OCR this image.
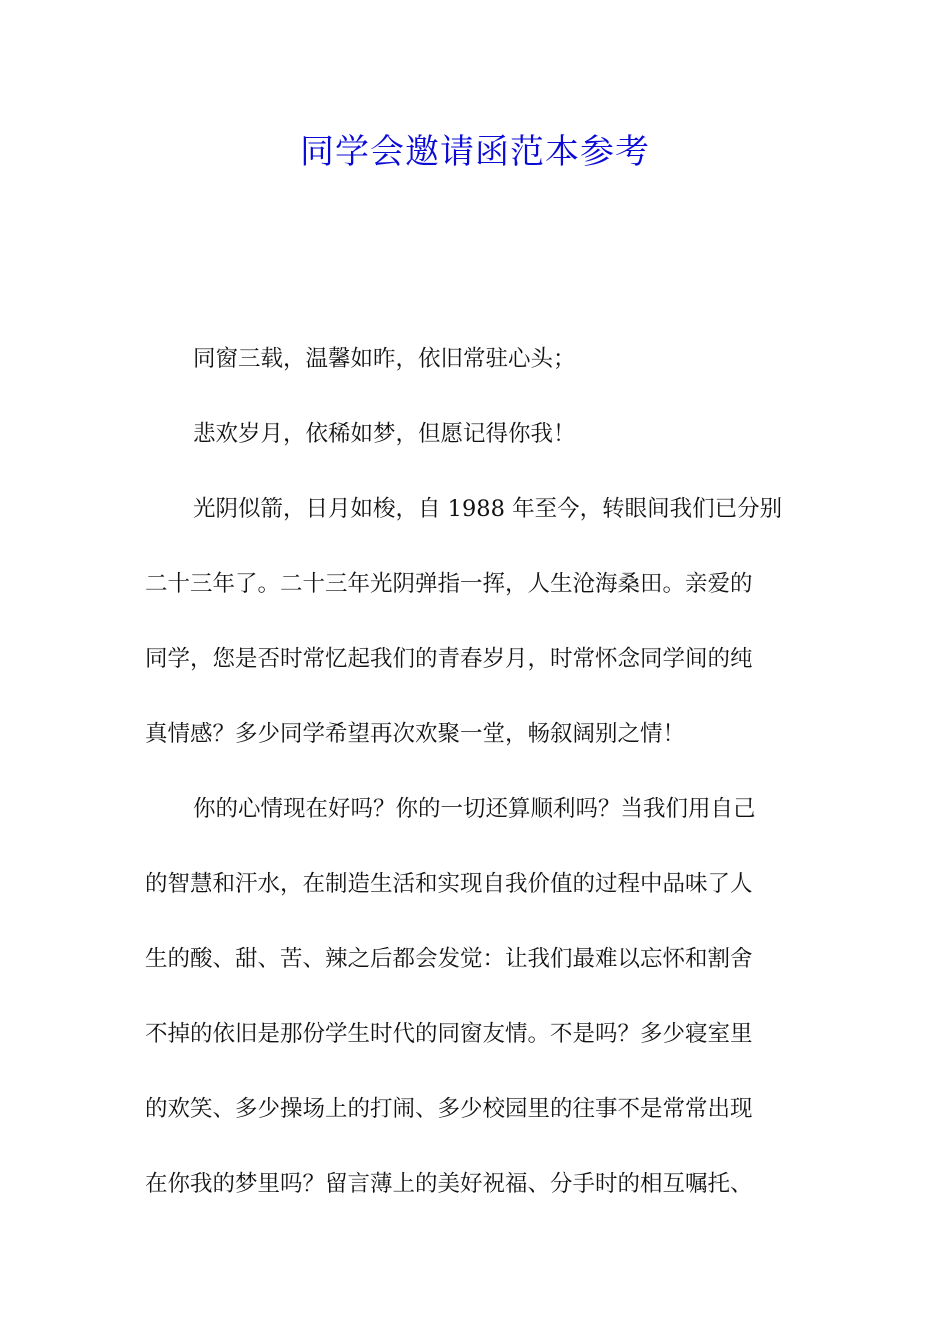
同学会邀请函范本参考
同窗三载，温馨如昨，依旧常驻心头；
悲欢岁月，依稀如梦，但愿记得你我！
光阴似箭，日月如梭，自 1988 年至今，转眼间我们已分别
二十三年了。二十三年光阴弹指一挥，人生沧海桑田。亲爱的
同学，您是否时常忆起我们的青春岁月，时常怀念同学间的纯
真情感？多少同学希望再次欢聚一堂，畅叙阔别之情！
你的心情现在好吗？你的一切还算顺利吗？当我们用自己
的智慧和汗水，在制造生活和实现自我价值的过程中品味了人
生的酸、甜、苦、辣之后都会发觉：让我们最难以忘怀和割舍
不掉的依旧是那份学生时代的同窗友情。不是吗？多少寝室里
的欢笑、多少操场上的打闹、多少校园里的往事不是常常出现
在你我的梦里吗？留言薄上的美好祝福、分手时的相互嘱托、
